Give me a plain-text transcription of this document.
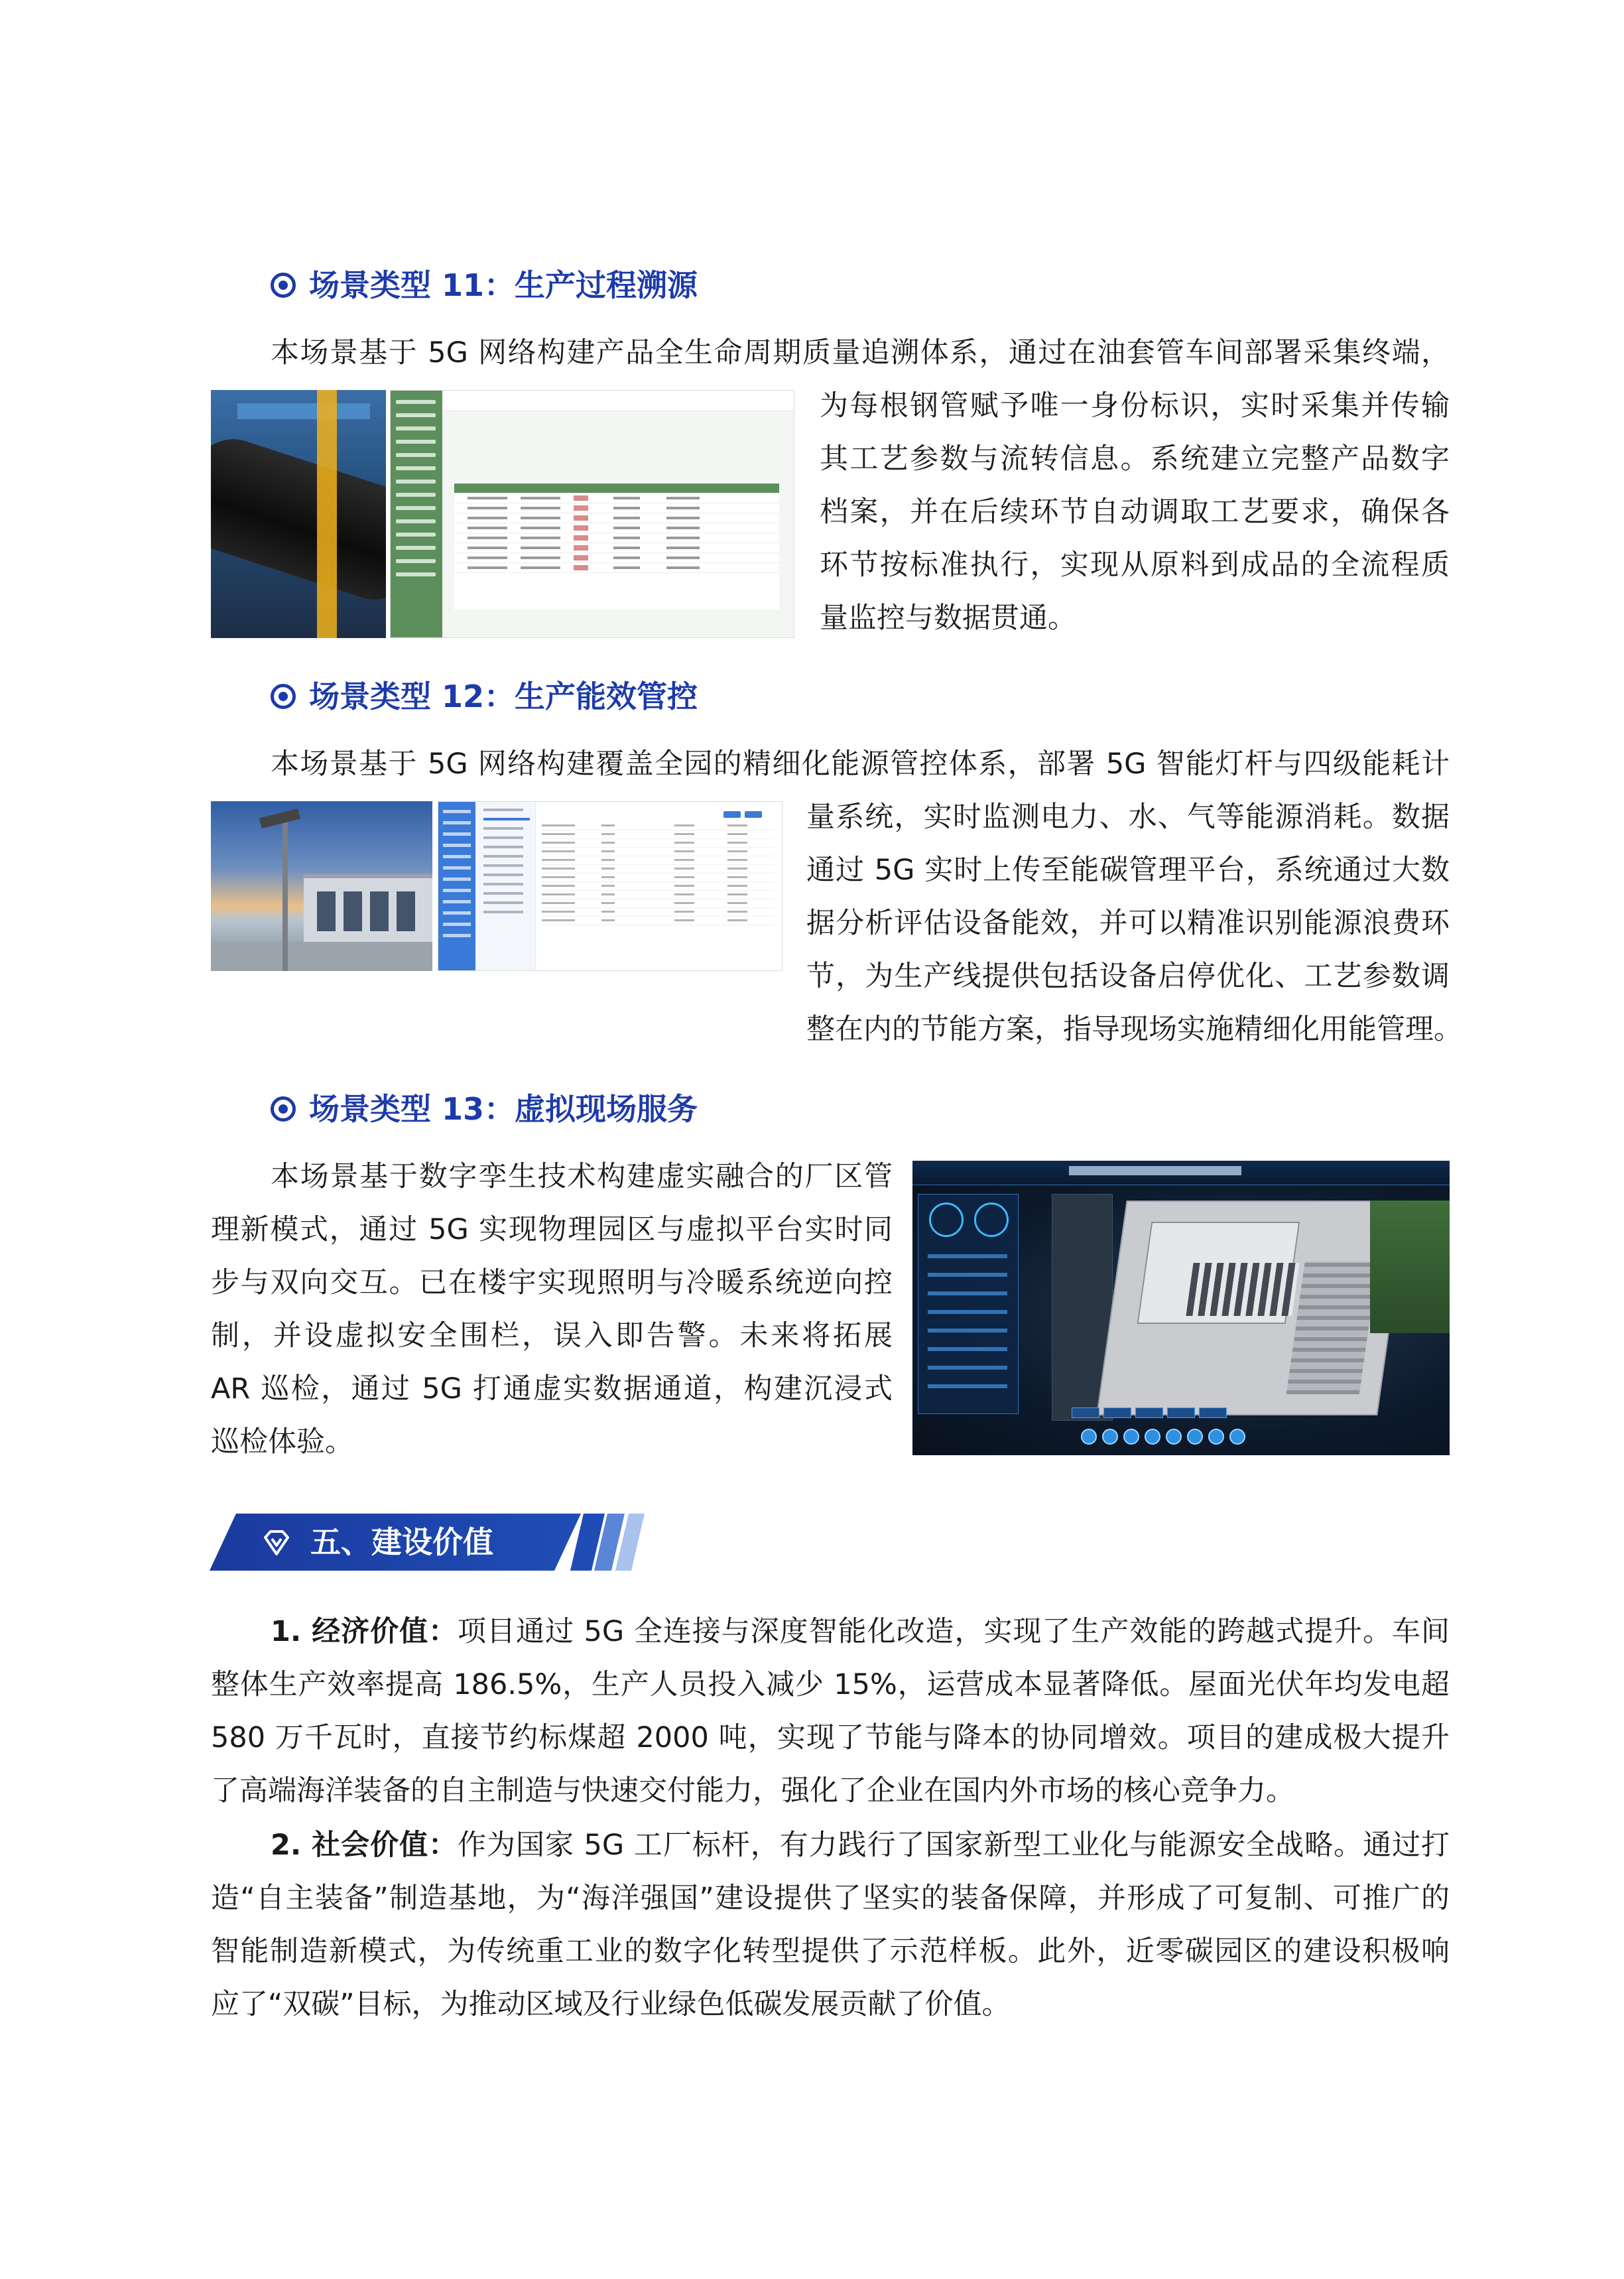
场景类型 11：生产过程溯源
本场景基于 5G 网络构建产品全生命周期质量追溯体系，通过在油套管车间部署采集终端，
为每根钢管赋予唯一身份标识，实时采集并传输
其工艺参数与流转信息。系统建立完整产品数字
档案，并在后续环节自动调取工艺要求，确保各
环节按标准执行，实现从原料到成品的全流程质
量监控与数据贯通。
场景类型 12：生产能效管控
本场景基于 5G 网络构建覆盖全园的精细化能源管控体系，部署 5G 智能灯杆与四级能耗计
量系统，实时监测电力、水、气等能源消耗。数据
通过 5G 实时上传至能碳管理平台，系统通过大数
据分析评估设备能效，并可以精准识别能源浪费环
节，为生产线提供包括设备启停优化、工艺参数调
整在内的节能方案，指导现场实施精细化用能管理。
场景类型 13：虚拟现场服务
本场景基于数字孪生技术构建虚实融合的厂区管
理新模式，通过 5G 实现物理园区与虚拟平台实时同
步与双向交互。已在楼宇实现照明与冷暖系统逆向控
制，并设虚拟安全围栏，误入即告警。未来将拓展
AR 巡检，通过 5G 打通虚实数据通道，构建沉浸式
巡检体验。
五、建设价值
1. 经济价值：项目通过 5G 全连接与深度智能化改造，实现了生产效能的跨越式提升。车间
整体生产效率提高 186.5%，生产人员投入减少 15%，运营成本显著降低。屋面光伏年均发电超
580 万千瓦时，直接节约标煤超 2000 吨，实现了节能与降本的协同增效。项目的建成极大提升
了高端海洋装备的自主制造与快速交付能力，强化了企业在国内外市场的核心竞争力。
2. 社会价值：作为国家 5G 工厂标杆，有力践行了国家新型工业化与能源安全战略。通过打
造“自主装备”制造基地，为“海洋强国”建设提供了坚实的装备保障，并形成了可复制、可推广的
智能制造新模式，为传统重工业的数字化转型提供了示范样板。此外，近零碳园区的建设积极响
应了“双碳”目标，为推动区域及行业绿色低碳发展贡献了价值。
